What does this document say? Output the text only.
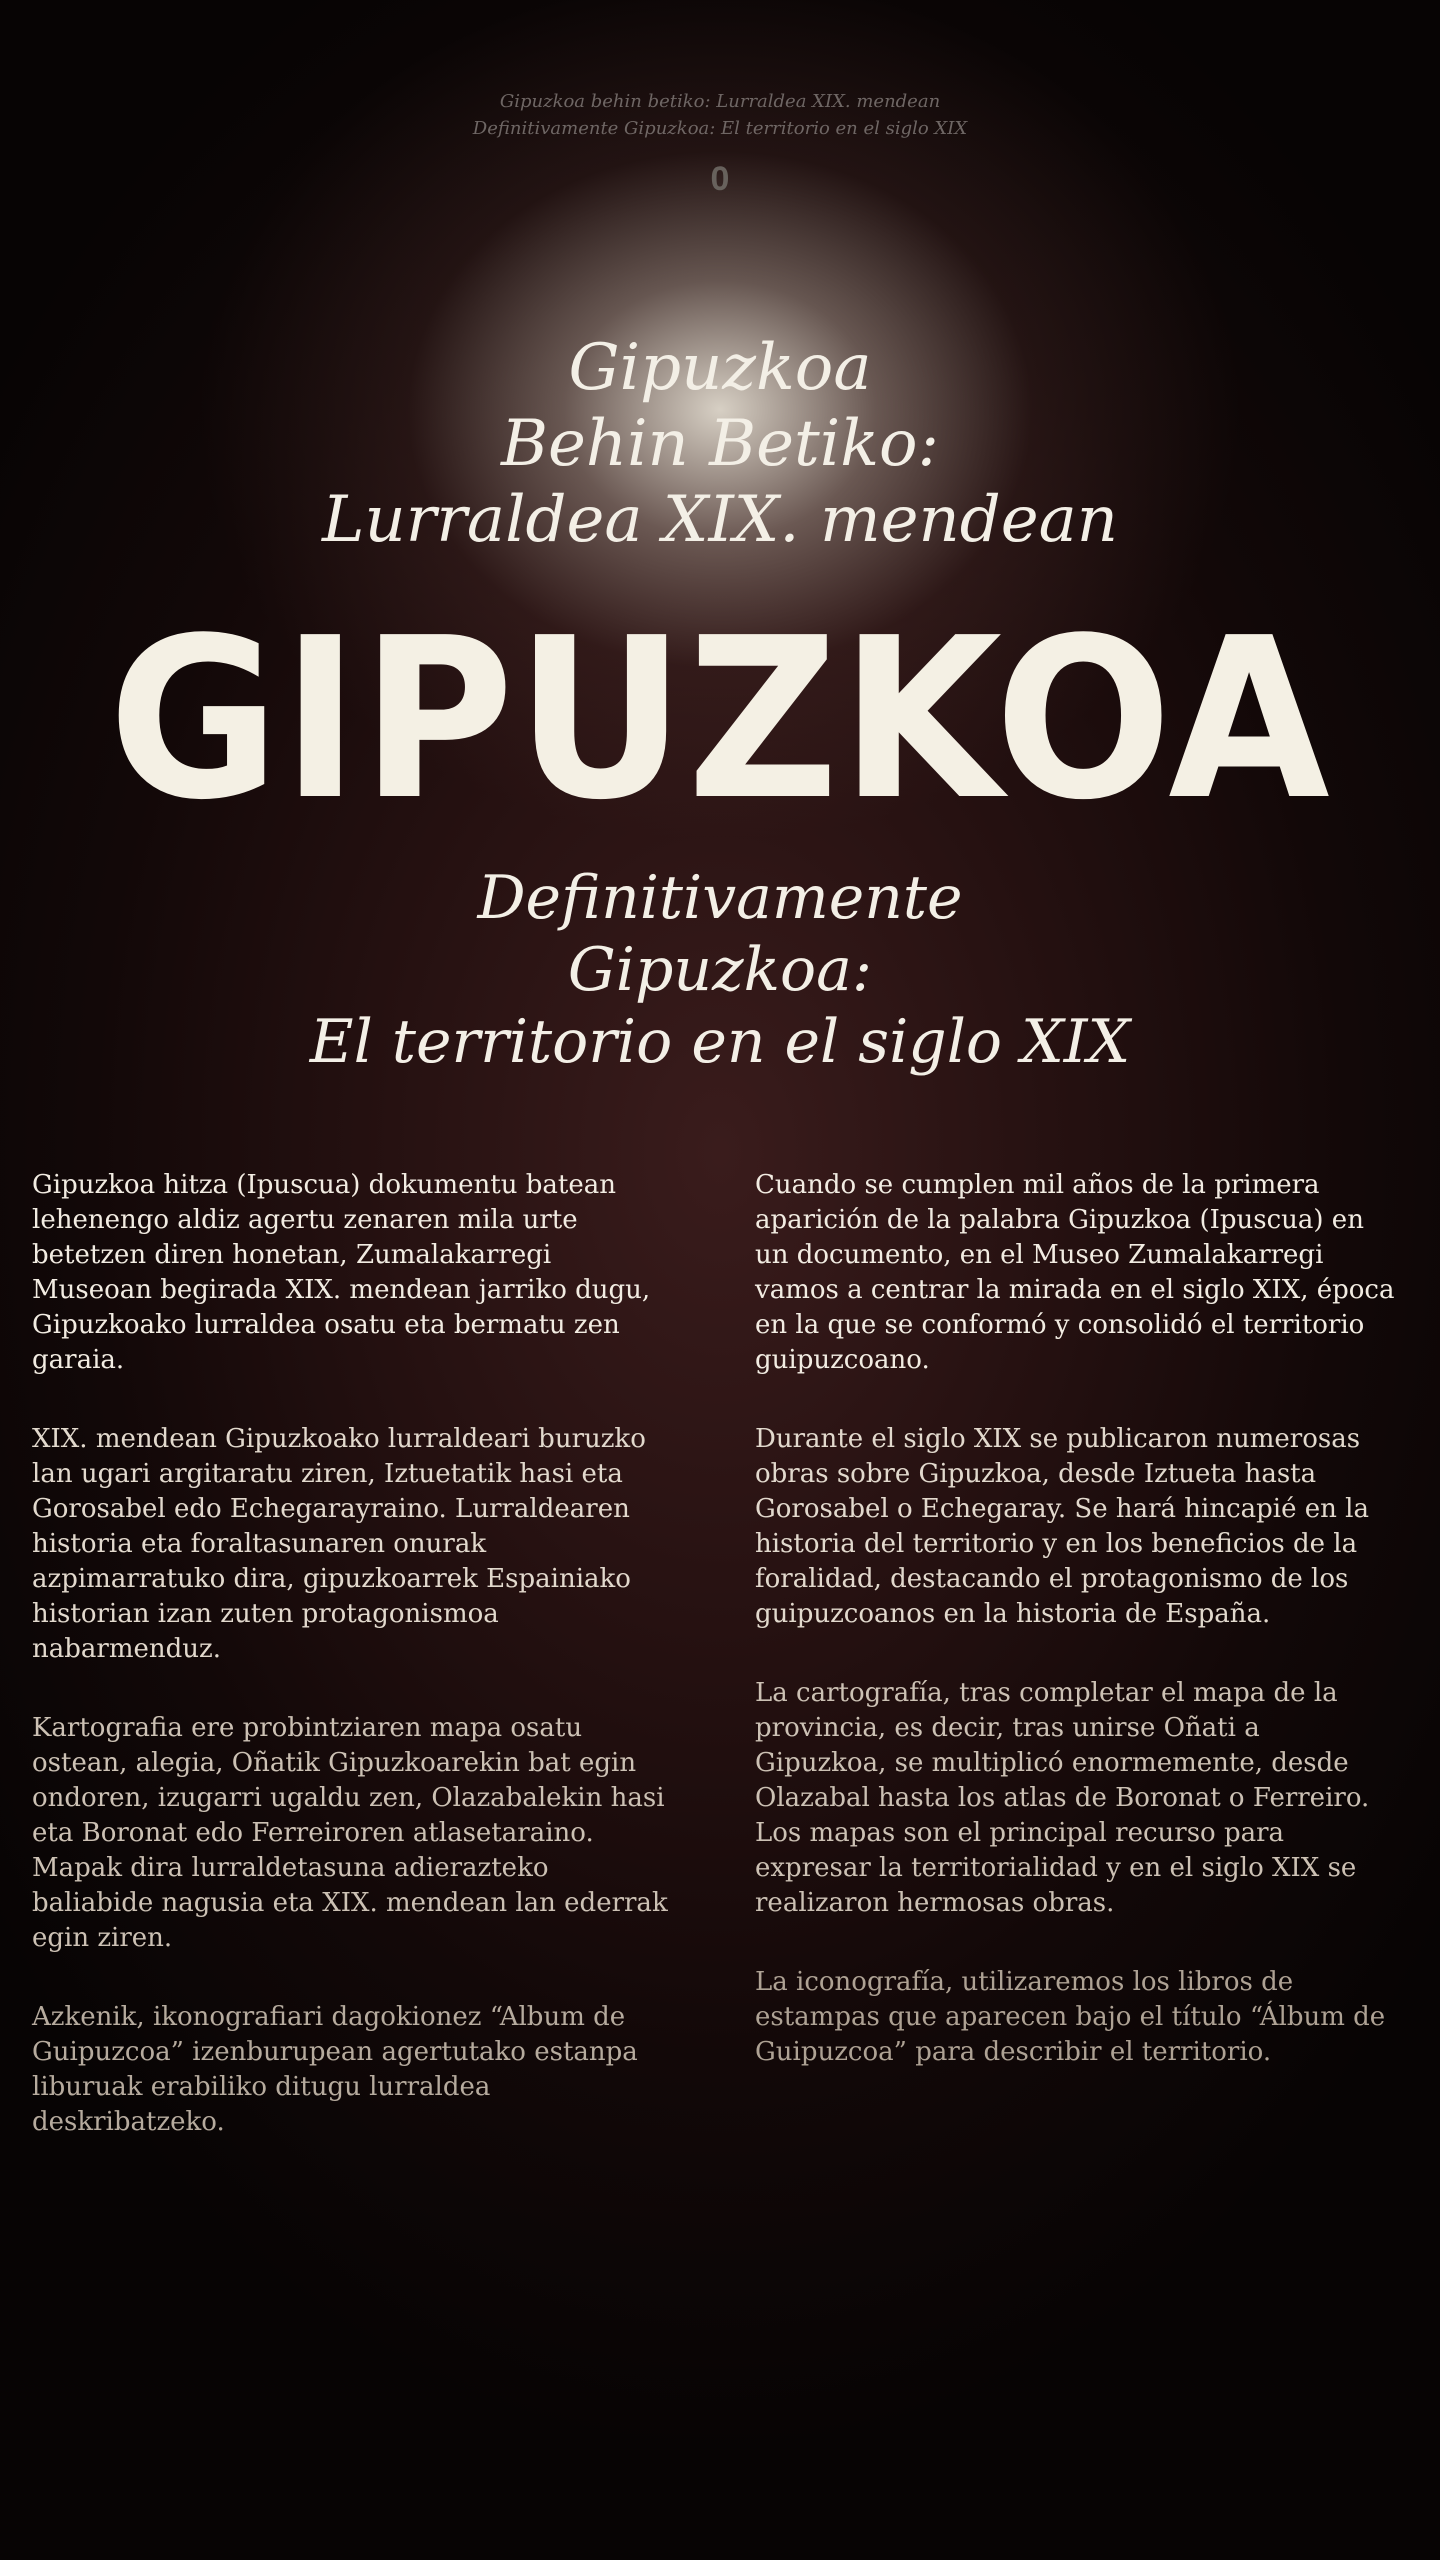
Gipuzkoa behin betiko: Lurraldea XIX. mendean
Definitivamente Gipuzkoa: El territorio en el siglo XIX
0
Gipuzkoa
Behin Betiko:
Lurraldea XIX. mendean
GIPUZKOA
Definitivamente
Gipuzkoa:
El territorio en el siglo XIX

Gipuzkoa hitza (Ipuscua) dokumentu batean lehenengo aldiz agertu zenaren mila urte betetzen diren honetan, Zumalakarregi Museoan begirada XIX. mendean jarriko dugu, Gipuzkoako lurraldea osatu eta bermatu zen garaia.

XIX. mendean Gipuzkoako lurraldeari buruzko lan ugari argitaratu ziren, Iztuetatik hasi eta Gorosabel edo Echegarayraino. Lurraldearen historia eta foraltasunaren onurak azpimarratuko dira, gipuzkoarrek Espainiako historian izan zuten protagonismoa nabarmenduz.

Kartografia ere probintziaren mapa osatu ostean, alegia, Oñatik Gipuzkoarekin bat egin ondoren, izugarri ugaldu zen, Olazabalekin hasi eta Boronat edo Ferreiroren atlasetaraino. Mapak dira lurraldetasuna adierazteko baliabide nagusia eta XIX. mendean lan ederrak egin ziren.

Azkenik, ikonografiari dagokionez “Album de Guipuzcoa” izenburupean agertutako estanpa liburuak erabiliko ditugu lurraldea deskribatzeko.

Cuando se cumplen mil años de la primera aparición de la palabra Gipuzkoa (Ipuscua) en un documento, en el Museo Zumalakarregi vamos a centrar la mirada en el siglo XIX, época en la que se conformó y consolidó el territorio guipuzcoano.

Durante el siglo XIX se publicaron numerosas obras sobre Gipuzkoa, desde Iztueta hasta Gorosabel o Echegaray. Se hará hincapié en la historia del territorio y en los beneficios de la foralidad, destacando el protagonismo de los guipuzcoanos en la historia de España.

La cartografía, tras completar el mapa de la provincia, es decir, tras unirse Oñati a Gipuzkoa, se multiplicó enormemente, desde Olazabal hasta los atlas de Boronat o Ferreiro. Los mapas son el principal recurso para expresar la territorialidad y en el siglo XIX se realizaron hermosas obras.

La iconografía, utilizaremos los libros de estampas que aparecen bajo el título “Álbum de Guipuzcoa” para describir el territorio.
